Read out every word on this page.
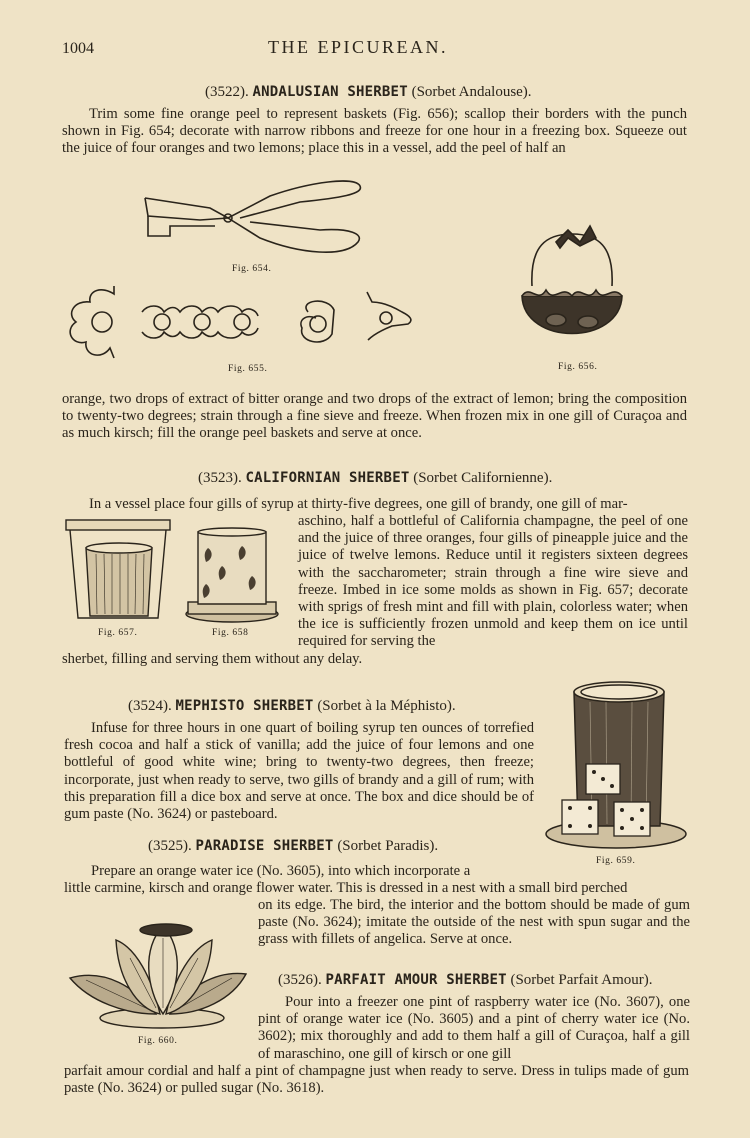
1004	THE EPICUREAN.
(3522). ANDALUSIAN SHERBET (Sorbet Andalouse).

Trim some fine orange peel to represent baskets (Fig. 656); scallop their borders with the punch shown in Fig. 654; decorate with narrow ribbons and freeze for one hour in a freezing box. Squeeze out the juice of four oranges and two lemons; place this in a vessel, add the peel of half an

Fig. 654.
Fig. 655.	Fig. 656.

orange, two drops of extract of bitter orange and two drops of the extract of lemon; bring the composition to twenty-two degrees; strain through a fine sieve and freeze. When frozen mix in one gill of Curaçoa and as much kirsch; fill the orange peel baskets and serve at once.

(3523). CALIFORNIAN SHERBET (Sorbet Californienne).

In a vessel place four gills of syrup at thirty-five degrees, one gill of brandy, one gill of mar-

Fig. 657.	Fig. 658

aschino, half a bottleful of California champagne, the peel of one and the juice of three oranges, four gills of pineapple juice and the juice of twelve lemons. Reduce until it registers sixteen degrees with the saccharometer; strain through a fine wire sieve and freeze. Imbed in ice some molds as shown in Fig. 657; decorate with sprigs of fresh mint and fill with plain, colorless water; when the ice is sufficiently frozen unmold and keep them on ice until required for serving the

sherbet, filling and serving them without any delay.

(3524). MEPHISTO SHERBET (Sorbet à la Méphisto).

Infuse for three hours in one quart of boiling syrup ten ounces of torrefied fresh cocoa and half a stick of vanilla; add the juice of four lemons and one bottleful of good white wine; bring to twenty-two degrees, then freeze; incorporate, just when ready to serve, two gills of brandy and a gill of rum; with this preparation fill a dice box and serve at once. The box and dice should be of gum paste (No. 3624) or pasteboard.

Fig. 659.
(3525). PARADISE SHERBET (Sorbet Paradis).

Prepare an orange water ice (No. 3605), into which incorporate a

little carmine, kirsch and orange flower water. This is dressed in a nest with a small bird perched

on its edge. The bird, the interior and the bottom should be made of gum paste (No. 3624); imitate the outside of the nest with spun sugar and the grass with fillets of angelica. Serve at once.

Fig. 660.
(3526). PARFAIT AMOUR SHERBET (Sorbet Parfait Amour).

Pour into a freezer one pint of raspberry water ice (No. 3607), one pint of orange water ice (No. 3605) and a pint of cherry water ice (No. 3602); mix thoroughly and add to them half a gill of Curaçoa, half a gill of maraschino, one gill of kirsch or one gill

parfait amour cordial and half a pint of champagne just when ready to serve. Dress in tulips made of gum paste (No. 3624) or pulled sugar (No. 3618).
